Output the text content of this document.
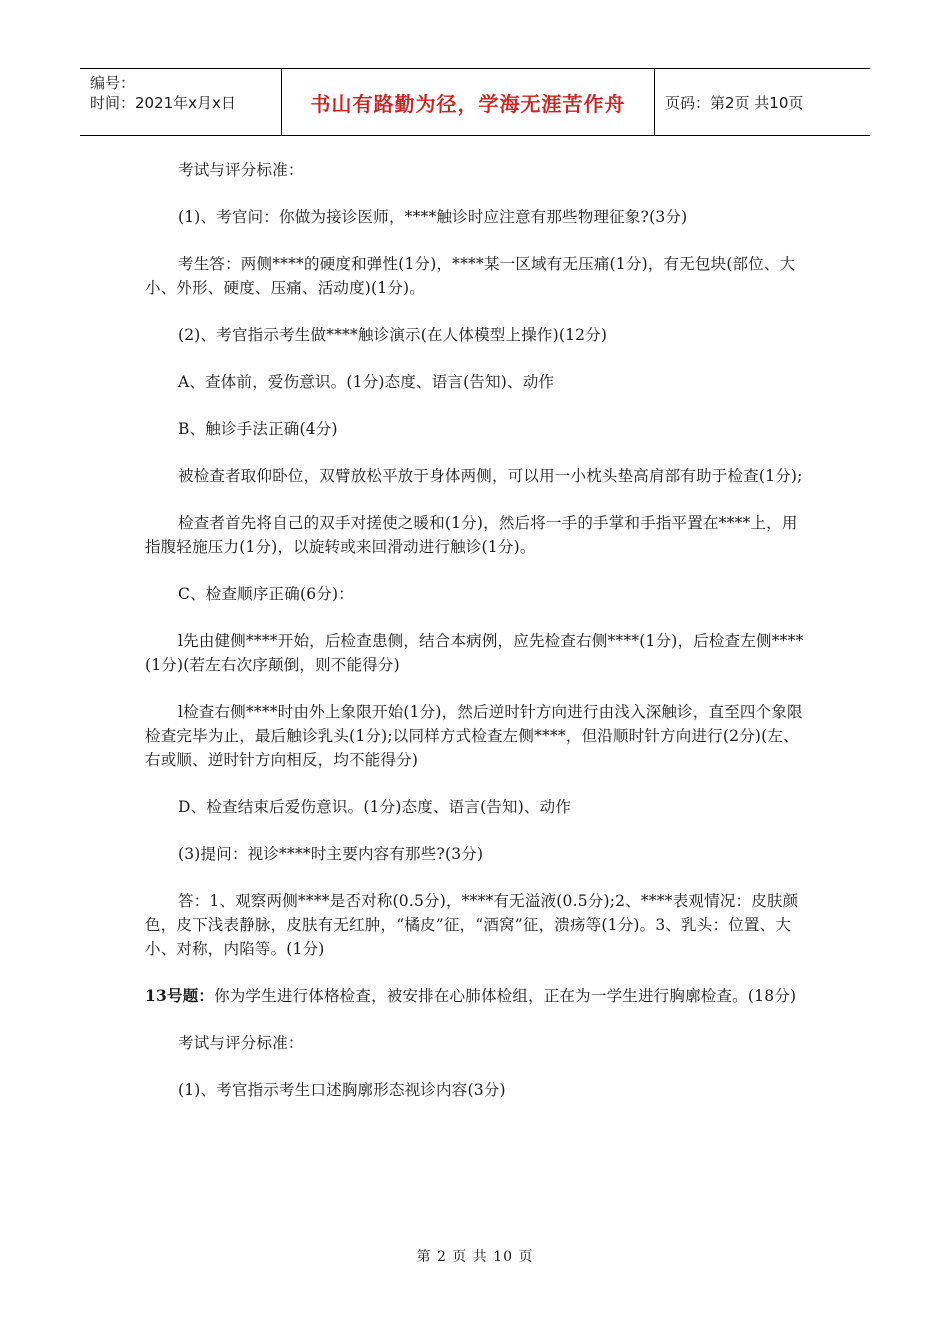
编号：
时间：2021年x月x日	书山有路勤为径，学海无涯苦作舟	页码：第2页 共10页

考试与评分标准：

(1)、考官问：你做为接诊医师，****触诊时应注意有那些物理征象?(3分)

考生答：两侧****的硬度和弹性(1分)，****某一区域有无压痛(1分)，有无包块(部位、大小、外形、硬度、压痛、活动度)(1分)。

(2)、考官指示考生做****触诊演示(在人体模型上操作)(12分)

A、查体前，爱伤意识。(1分)态度、语言(告知)、动作

B、触诊手法正确(4分)

被检查者取仰卧位，双臂放松平放于身体两侧，可以用一小枕头垫高肩部有助于检查(1分);

检查者首先将自己的双手对搓使之暖和(1分)，然后将一手的手掌和手指平置在****上，用指腹轻施压力(1分)，以旋转或来回滑动进行触诊(1分)。

C、检查顺序正确(6分)：

l先由健侧****开始，后检查患侧，结合本病例，应先检查右侧****(1分)，后检查左侧****(1分)(若左右次序颠倒，则不能得分)

l检查右侧****时由外上象限开始(1分)，然后逆时针方向进行由浅入深触诊，直至四个象限检查完毕为止，最后触诊乳头(1分);以同样方式检查左侧****，但沿顺时针方向进行(2分)(左、右或顺、逆时针方向相反，均不能得分)

D、检查结束后爱伤意识。(1分)态度、语言(告知)、动作

(3)提问：视诊****时主要内容有那些?(3分)

答：1、观察两侧****是否对称(0.5分)，****有无溢液(0.5分);2、****表观情况：皮肤颜色，皮下浅表静脉，皮肤有无红肿，“橘皮”征，“酒窝”征，溃疡等(1分)。3、乳头：位置、大小、对称，内陷等。(1分)

13号题：你为学生进行体格检查，被安排在心肺体检组，正在为一学生进行胸廓检查。(18分)

考试与评分标准：

(1)、考官指示考生口述胸廓形态视诊内容(3分)

第 2 页 共 10 页
